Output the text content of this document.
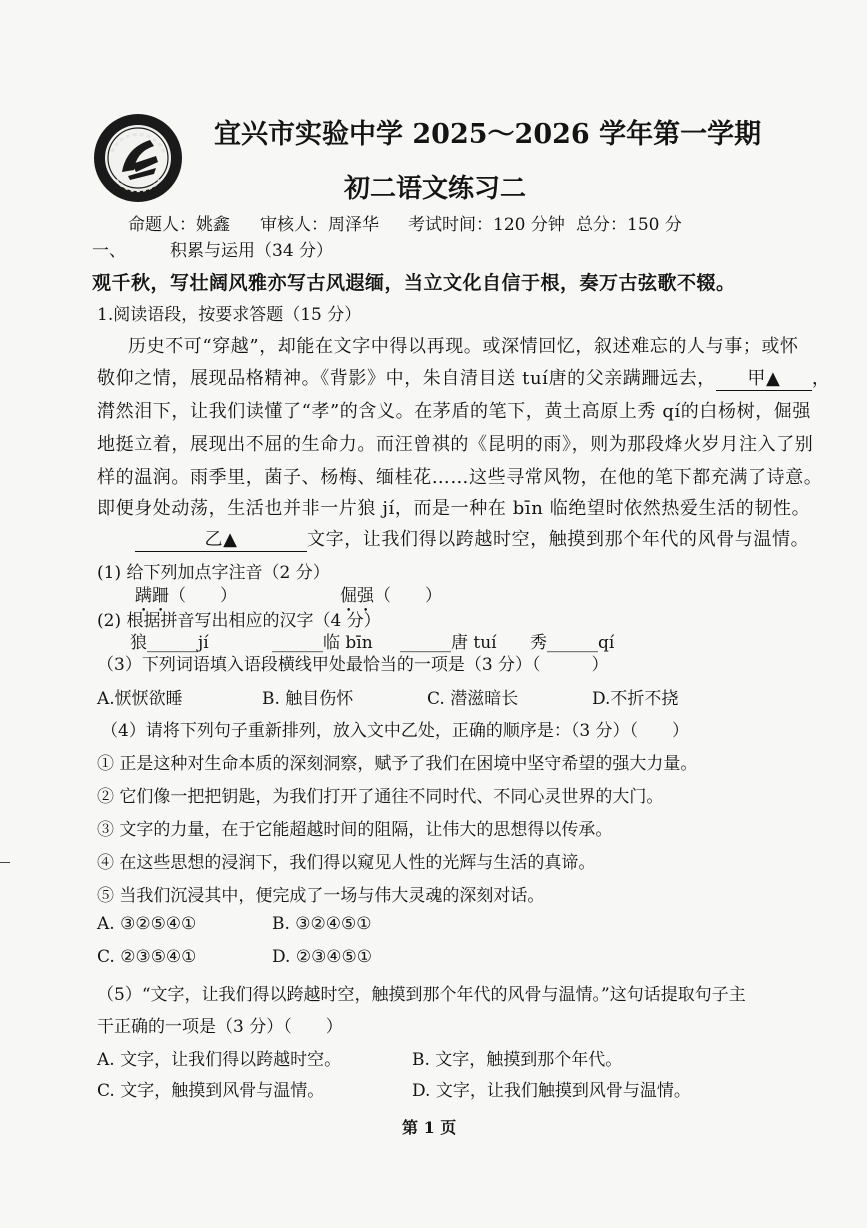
宜兴市实验中学 2025～2026 学年第一学期
初二语文练习二
命题人：姚鑫 审核人：周泽华 考试时间：120 分钟 总分：150 分
一、	积累与运用（34 分）
观千秋，写壮阔风雅亦写古风遐缅，当立文化自信于根，奏万古弦歌不辍。
1.阅读语段，按要求答题（15 分）
历史不可“穿越”，却能在文字中得以再现。或深情回忆，叙述难忘的人与事；或怀
敬仰之情，展现品格精神。《背影》中，朱自清目送 tuí唐的父亲蹒跚远去， 甲▲ ，
潸然泪下，让我们读懂了“孝”的含义。在茅盾的笔下，黄土高原上秀 qí的白杨树，倔强
地挺立着，展现出不屈的生命力。而汪曾祺的《昆明的雨》，则为那段烽火岁月注入了别
样的温润。雨季里，菌子、杨梅、缅桂花……这些寻常风物，在他的笔下都充满了诗意。
即便身处动荡，生活也并非一片狼 jí，而是一种在 bīn 临绝望时依然热爱生活的韧性。
乙▲	文字，让我们得以跨越时空，触摸到那个年代的风骨与温情。
(1) 给下列加点字注音（2 分）
蹒跚（　　）	倔强（　　）
(2) 根据拼音写出相应的汉字（4 分）
狼______jí	______临 bīn ______唐 tuí 秀______qí
（3）下列词语填入语段横线甲处最恰当的一项是（3 分）（　　　）
A.恹恹欲睡	B. 触目伤怀	C. 潜滋暗长	D.不折不挠
（4）请将下列句子重新排列，放入文中乙处，正确的顺序是：（3 分）（　　）
① 正是这种对生命本质的深刻洞察，赋予了我们在困境中坚守希望的强大力量。
② 它们像一把把钥匙，为我们打开了通往不同时代、不同心灵世界的大门。
③ 文字的力量，在于它能超越时间的阻隔，让伟大的思想得以传承。
④ 在这些思想的浸润下，我们得以窥见人性的光辉与生活的真谛。
⑤ 当我们沉浸其中，便完成了一场与伟大灵魂的深刻对话。
A. ③②⑤④①	B. ③②④⑤①
C. ②③⑤④①	D. ②③④⑤①
（5）“文字，让我们得以跨越时空，触摸到那个年代的风骨与温情。”这句话提取句子主
干正确的一项是（3 分）（　　）
A. 文字，让我们得以跨越时空。	B. 文字，触摸到那个年代。
C. 文字，触摸到风骨与温情。	D. 文字，让我们触摸到风骨与温情。
第 1 页
